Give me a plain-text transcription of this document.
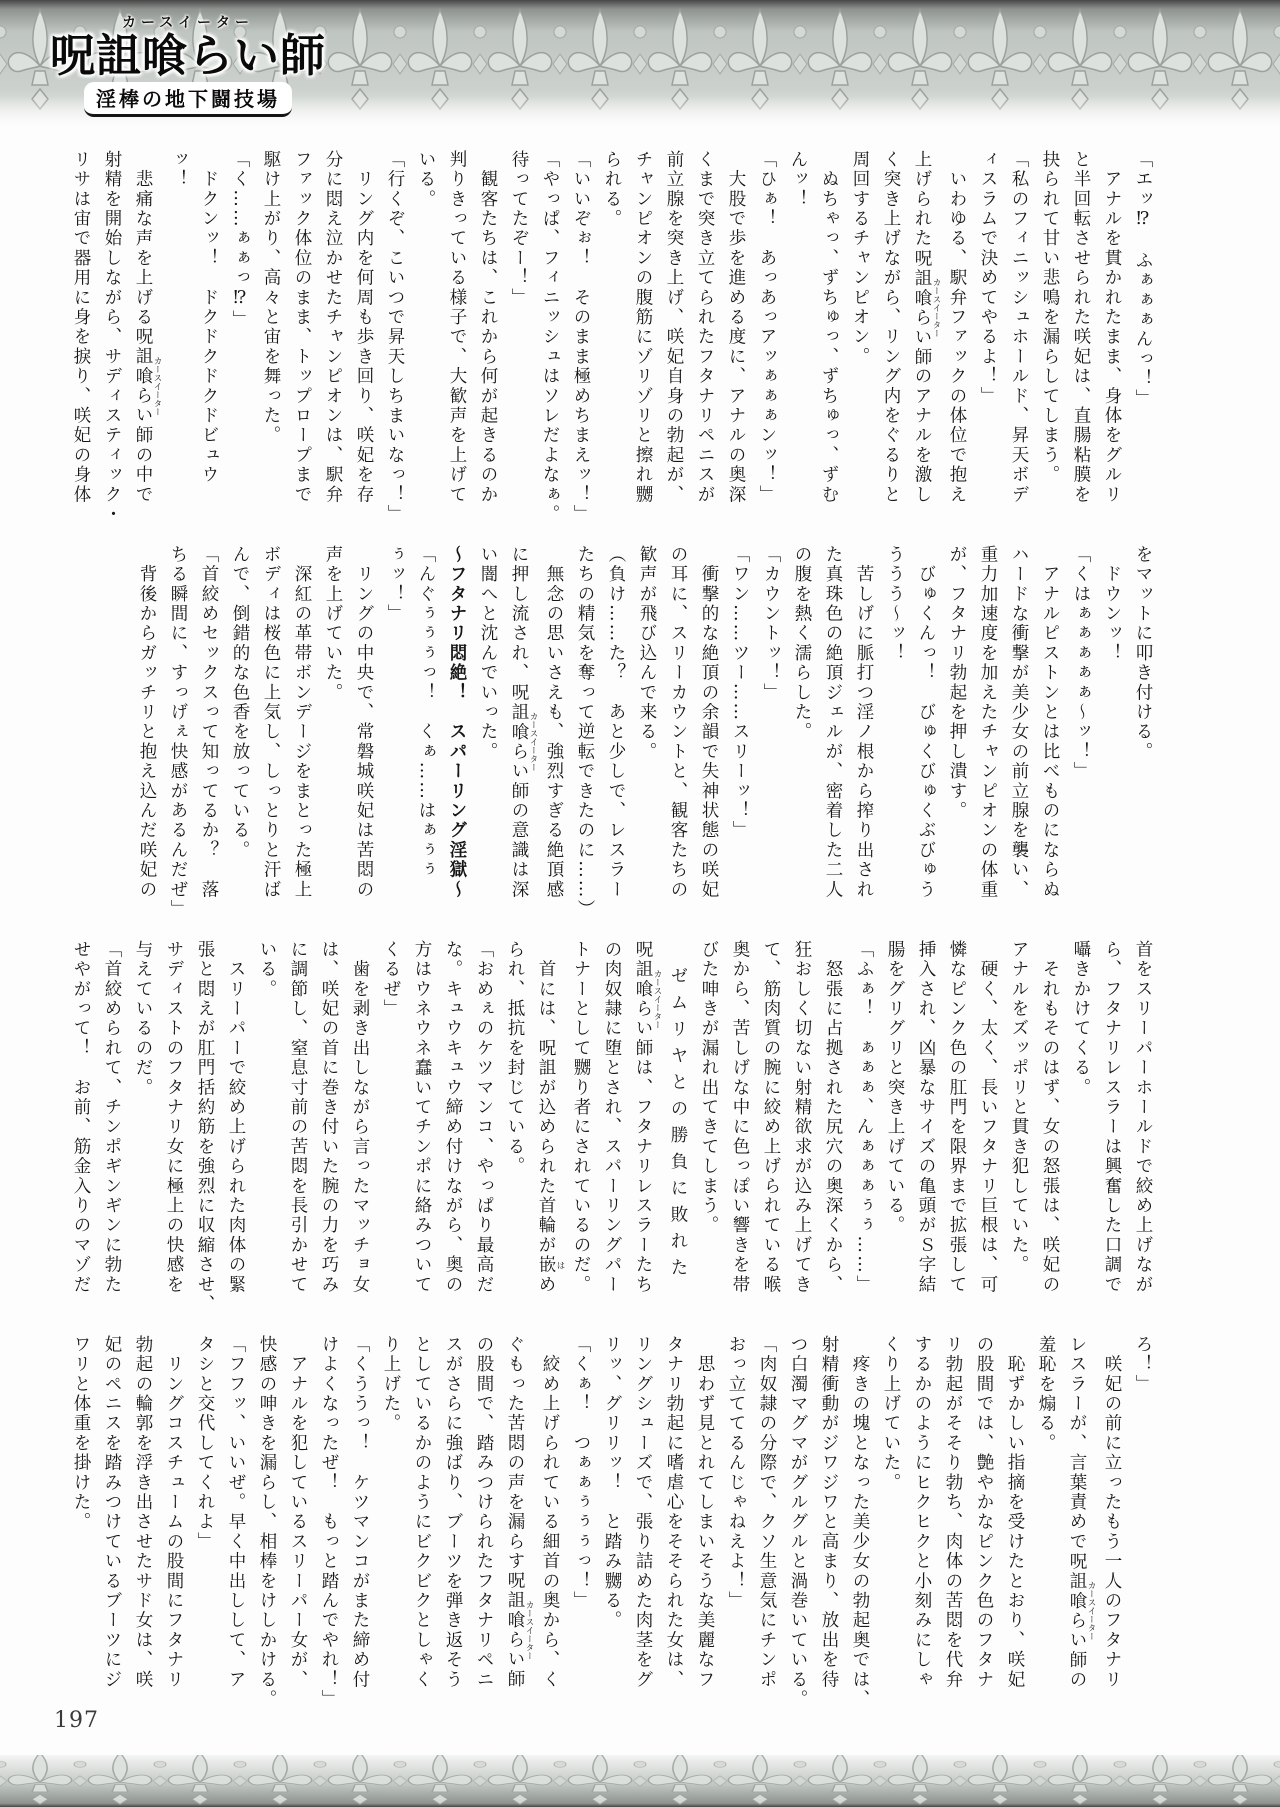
カースイーター
呪詛喰らい師
淫棒の地下闘技場
「エッ⁉　ふぁぁぁんっ！」
　アナルを貫かれたまま、身体をグルリ
と半回転させられた咲妃は、直腸粘膜を
抉られて甘い悲鳴を漏らしてしまう。
「私のフィニッシュホールド、昇天ボデ
ィスラムで決めてやるよ！」
　いわゆる、駅弁ファックの体位で抱え
上げられた呪詛喰らい師 カースイーターのアナルを激し
く突き上げながら、リング内をぐるりと
周回するチャンピオン。
　ぬちゃっ、ずちゅっ、ずちゅっ、ずむ
んッ！
「ひぁ！　あっあっアッぁぁぁンッ！」
　大股で歩を進める度に、アナルの奥深
くまで突き立てられたフタナリペニスが
前立腺を突き上げ、咲妃自身の勃起が、
チャンピオンの腹筋にゾリゾリと擦れ嬲
られる。
「いいぞぉ！　そのまま極めちまえッ！」
「やっぱ、フィニッシュはソレだよなぁ。
待ってたぞー！」
　観客たちは、これから何が起きるのか
判りきっている様子で、大歓声を上げて
いる。
「行くぞ、こいつで昇天しちまいなっ！」
　リング内を何周も歩き回り、咲妃を存
分に悶え泣かせたチャンピオンは、駅弁
ファック体位のまま、トップロープまで
駆け上がり、高々と宙を舞った。
「く……ぁぁっ⁉」
　ドクンッ！　ドクドクドクドビュウ
ッ！
　悲痛な声を上げる呪詛喰らい師 カースイーターの中で
射精を開始しながら、サディスティック・
リサは宙で器用に身を捩り、咲妃の身体
をマットに叩き付ける。
　ドウンッ！
「くはぁぁぁぁぁ～ッ！」
　アナルピストンとは比べものにならぬ
ハードな衝撃が美少女の前立腺を襲い、
重力加速度を加えたチャンピオンの体重
が、フタナリ勃起を押し潰す。
　びゅくんっ！　びゅくびゅくぶびゅう
ううう～ッ！
　苦しげに脈打つ淫ノ根から搾り出され
た真珠色の絶頂ジェルが、密着した二人
の腹を熱く濡らした。
「カウントッ！」
「ワン……ツー……スリーッ！」
　衝撃的な絶頂の余韻で失神状態の咲妃
の耳に、スリーカウントと、観客たちの
歓声が飛び込んで来る。
（負け……た？　あと少しで、レスラー
たちの精気を奪って逆転できたのに……）
　無念の思いさえも、強烈すぎる絶頂感
に押し流され、呪詛喰らい師 カースイーターの意識は深
い闇へと沈んでいった。
～フタナリ悶絶！　スパーリング淫獄～
「んぐぅぅぅっ！　くぁ……はぁぅぅ
ぅッ！」
　リングの中央で、常磐城咲妃は苦悶の
声を上げていた。
　深紅の革帯ボンデージをまとった極上
ボディは桜色に上気し、しっとりと汗ば
んで、倒錯的な色香を放っている。
「首絞めセックスって知ってるか？　落
ちる瞬間に、すっげぇ快感があるんだぜ」
　背後からガッチリと抱え込んだ咲妃の
首をスリーパーホールドで絞め上げなが
ら、フタナリレスラーは興奮した口調で
囁きかけてくる。
　それもそのはず、女の怒張は、咲妃の
アナルをズッポリと貫き犯していた。
　硬く、太く、長いフタナリ巨根は、可
憐なピンク色の肛門を限界まで拡張して
挿入され、凶暴なサイズの亀頭がＳ字結
腸をグリグリと突き上げている。
「ふぁ！　ぁぁぁ、んぁぁぁぅぅ……」
　怒張に占拠された尻穴の奥深くから、
狂おしく切ない射精欲求が込み上げてき
て、筋肉質の腕に絞め上げられている喉
奥から、苦しげな中に色っぽい響きを帯
びた呻きが漏れ出てきてしまう。
　ゼムリヤとの勝負に敗れた
呪詛喰らい師 カースイーターは、フタナリレスラーたち
の肉奴隷に堕とされ、スパーリングパー
トナーとして嬲り者にされているのだ。
　首には、呪詛が込められた首輪が嵌 はめ
られ、抵抗を封じている。
「おめぇのケツマンコ、やっぱり最高だ
な。キュウキュウ締め付けながら、奥の
方はウネウネ蠢いてチンポに絡みついて
くるぜ」
　歯を剥き出しながら言ったマッチョ女
は、咲妃の首に巻き付いた腕の力を巧み
に調節し、窒息寸前の苦悶を長引かせて
いる。
　スリーパーで絞め上げられた肉体の緊
張と悶えが肛門括約筋を強烈に収縮させ、
サディストのフタナリ女に極上の快感を
与えているのだ。
「首絞められて、チンポギンギンに勃た
せやがって！　お前、筋金入りのマゾだ
ろ！」
　咲妃の前に立ったもう一人のフタナリ
レスラーが、言葉責めで呪詛喰らい師 カースイーターの
羞恥を煽る。
　恥ずかしい指摘を受けたとおり、咲妃
の股間では、艶やかなピンク色のフタナ
リ勃起がそそり勃ち、肉体の苦悶を代弁
するかのようにヒクヒクと小刻みにしゃ
くり上げていた。
　疼きの塊となった美少女の勃起奥では、
射精衝動がジワジワと高まり、放出を待
つ白濁マグマがグルグルと渦巻いている。
「肉奴隷の分際で、クソ生意気にチンポ
おっ立ててるんじゃねえよ！」
　思わず見とれてしまいそうな美麗なフ
タナリ勃起に嗜虐心をそそられた女は、
リングシューズで、張り詰めた肉茎をグ
リッ、グリリッ！　と踏み嬲る。
「くぁ！　つぁぁぅぅぅっ！」
　絞め上げられている細首の奥から、く
ぐもった苦悶の声を漏らす呪詛喰らい師 カースイーター
の股間で、踏みつけられたフタナリペニ
スがさらに強ばり、ブーツを弾き返そう
としているかのようにビクビクとしゃく
り上げた。
「くううっ！　ケツマンコがまた締め付
けよくなったぜ！　もっと踏んでやれ！」
　アナルを犯しているスリーパー女が、
快感の呻きを漏らし、相棒をけしかける。
「フフッ、いいぜ。早く中出しして、ア
タシと交代してくれよ」
　リングコスチュームの股間にフタナリ
勃起の輪郭を浮き出させたサド女は、咲
妃のペニスを踏みつけているブーツにジ
ワリと体重を掛けた。
197
